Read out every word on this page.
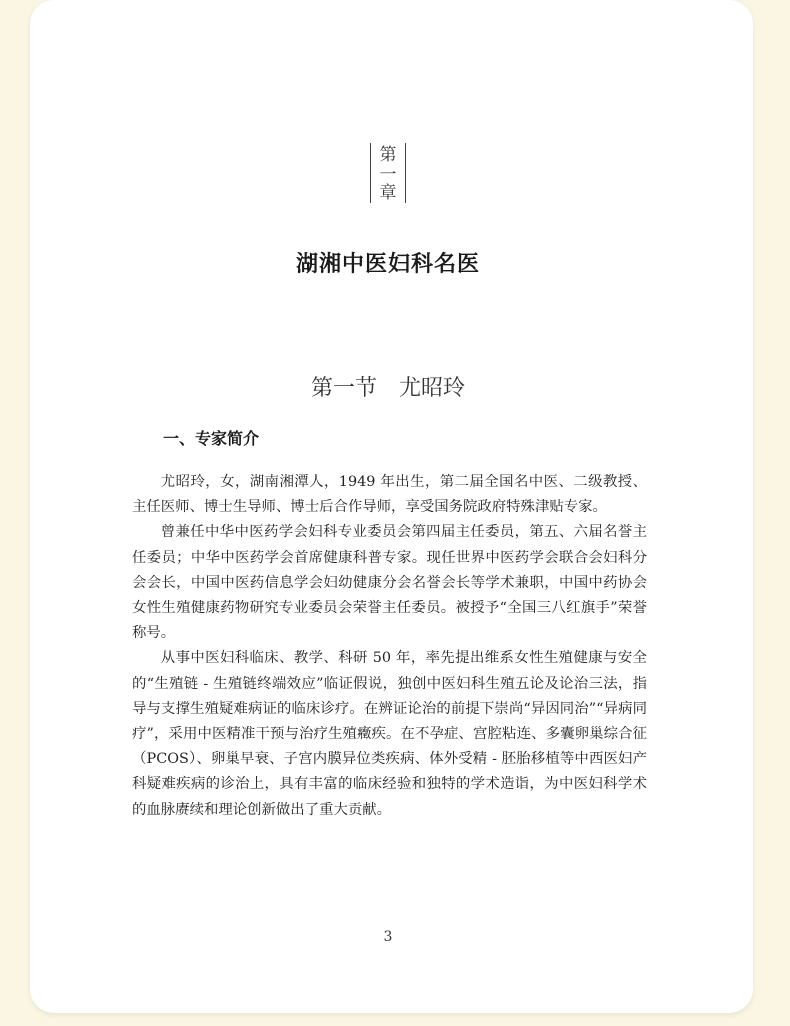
第
一
章
湖湘中医妇科名医
第一节　尤昭玲
一、专家简介

尤昭玲，女，湖南湘潭人，1949 年出生，第二届全国名中医、二级教授、主任医师、博士生导师、博士后合作导师，享受国务院政府特殊津贴专家。

曾兼任中华中医药学会妇科专业委员会第四届主任委员，第五、六届名誉主任委员；中华中医药学会首席健康科普专家。现任世界中医药学会联合会妇科分会会长，中国中医药信息学会妇幼健康分会名誉会长等学术兼职，中国中药协会女性生殖健康药物研究专业委员会荣誉主任委员。被授予“全国三八红旗手”荣誉称号。

从事中医妇科临床、教学、科研 50 年，率先提出维系女性生殖健康与安全的“生殖链 - 生殖链终端效应”临证假说，独创中医妇科生殖五论及论治三法，指导与支撑生殖疑难病证的临床诊疗。在辨证论治的前提下崇尚“异因同治”“异病同疗”，采用中医精准干预与治疗生殖癥疾。在不孕症、宫腔粘连、多囊卵巢综合征（PCOS）、卵巢早衰、子宫内膜异位类疾病、体外受精 - 胚胎移植等中西医妇产科疑难疾病的诊治上，具有丰富的临床经验和独特的学术造诣，为中医妇科学术的血脉赓续和理论创新做出了重大贡献。

3
